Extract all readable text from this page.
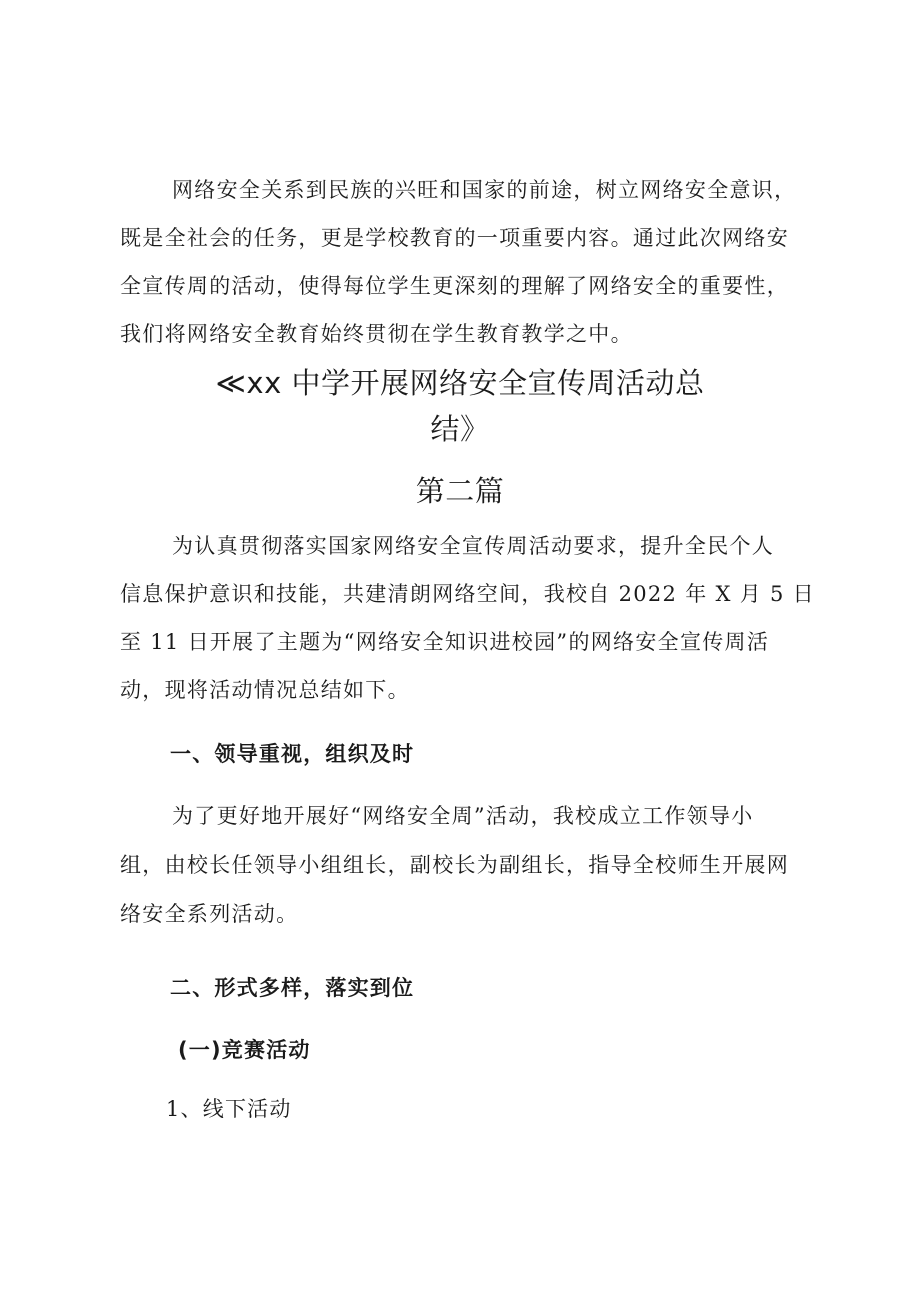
网络安全关系到民族的兴旺和国家的前途，树立网络安全意识，
既是全社会的任务，更是学校教育的一项重要内容。通过此次网络安
全宣传周的活动，使得每位学生更深刻的理解了网络安全的重要性，
我们将网络安全教育始终贯彻在学生教育教学之中。
≪xx 中学开展网络安全宣传周活动总
结》
第二篇
为认真贯彻落实国家网络安全宣传周活动要求，提升全民个人
信息保护意识和技能，共建清朗网络空间，我校自 2022 年 X 月 5 日
至 11 日开展了主题为“网络安全知识进校园”的网络安全宣传周活
动，现将活动情况总结如下。
一、领导重视，组织及时
为了更好地开展好“网络安全周”活动，我校成立工作领导小
组，由校长任领导小组组长，副校长为副组长，指导全校师生开展网
络安全系列活动。
二、形式多样，落实到位
(一)竞赛活动
1、线下活动
